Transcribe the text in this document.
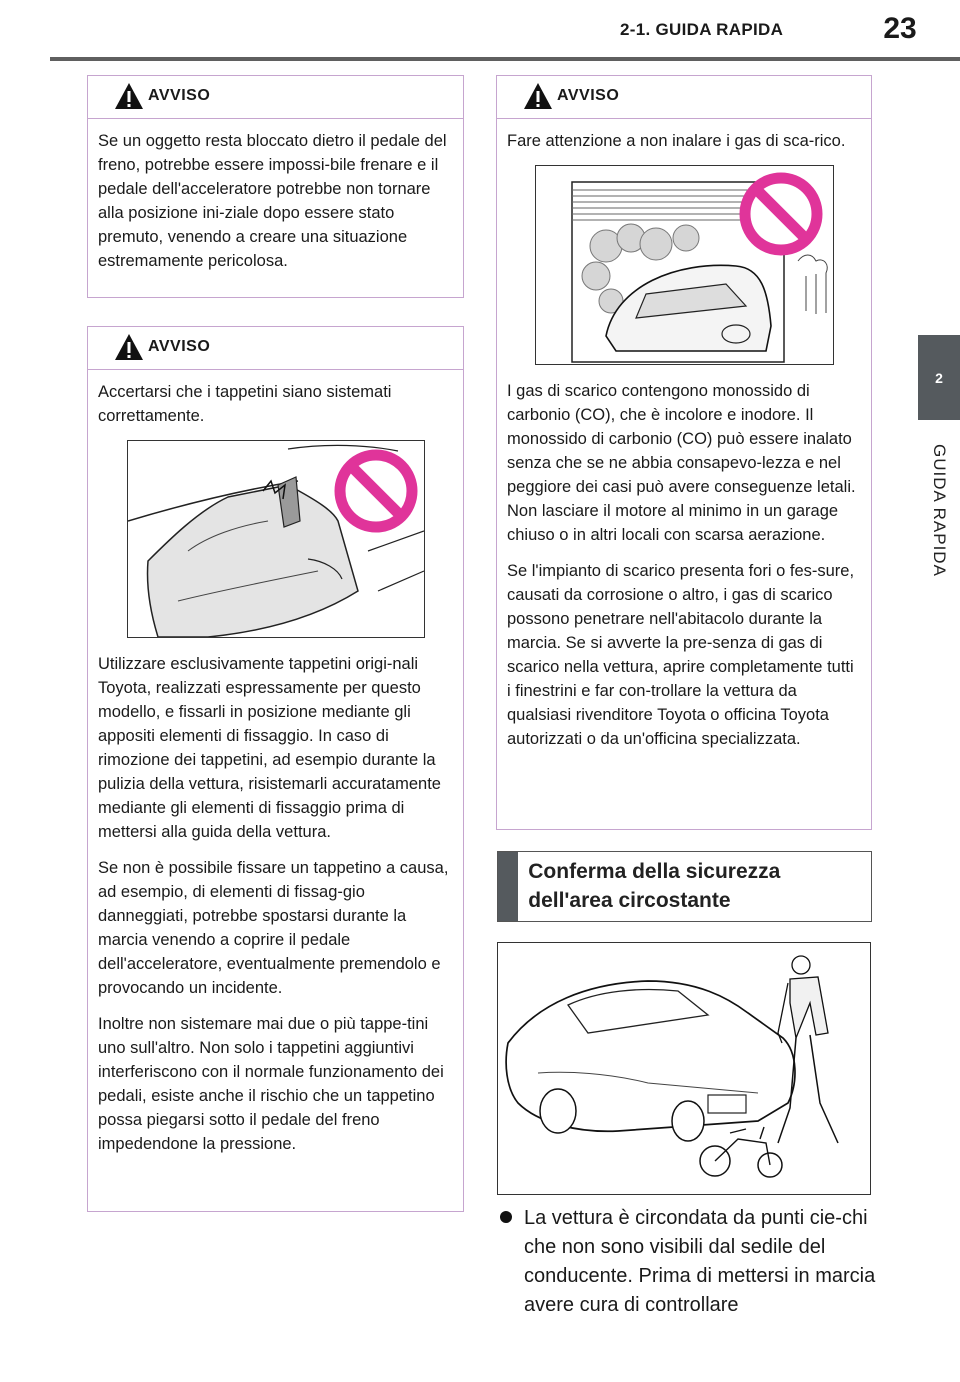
2-1. GUIDA RAPIDA	23
2
GUIDA RAPIDA
AVVISO
Se un oggetto resta bloccato dietro il pedale del freno, potrebbe essere impossi-bile frenare e il pedale dell'acceleratore potrebbe non tornare alla posizione ini-ziale dopo essere stato premuto, venendo a creare una situazione estremamente pericolosa.
AVVISO
Accertarsi che i tappetini siano sistemati correttamente.
Utilizzare esclusivamente tappetini origi-nali Toyota, realizzati espressamente per questo modello, e fissarli in posizione mediante gli appositi elementi di fissaggio. In caso di rimozione dei tappetini, ad esempio durante la pulizia della vettura, risistemarli accuratamente mediante gli elementi di fissaggio prima di mettersi alla guida della vettura.
Se non è possibile fissare un tappetino a causa, ad esempio, di elementi di fissag-gio danneggiati, potrebbe spostarsi durante la marcia venendo a coprire il pedale dell'acceleratore, eventualmente premendolo e provocando un incidente.
Inoltre non sistemare mai due o più tappe-tini uno sull'altro. Non solo i tappetini aggiuntivi interferiscono con il normale funzionamento dei pedali, esiste anche il rischio che un tappetino possa piegarsi sotto il pedale del freno impedendone la pressione.
AVVISO
Fare attenzione a non inalare i gas di sca-rico.
I gas di scarico contengono monossido di carbonio (CO), che è incolore e inodore. Il monossido di carbonio (CO) può essere inalato senza che se ne abbia consapevo-lezza e nel peggiore dei casi può avere conseguenze letali. Non lasciare il motore al minimo in un garage chiuso o in altri locali con scarsa aerazione.
Se l'impianto di scarico presenta fori o fes-sure, causati da corrosione o altro, i gas di scarico possono penetrare nell'abitacolo durante la marcia. Se si avverte la pre-senza di gas di scarico nella vettura, aprire completamente tutti i finestrini e far con-trollare la vettura da qualsiasi rivenditore Toyota o officina Toyota autorizzati o da un'officina specializzata.
Conferma della sicurezza dell'area circostante
La vettura è circondata da punti cie-chi che non sono visibili dal sedile del conducente. Prima di mettersi in marcia avere cura di controllare
